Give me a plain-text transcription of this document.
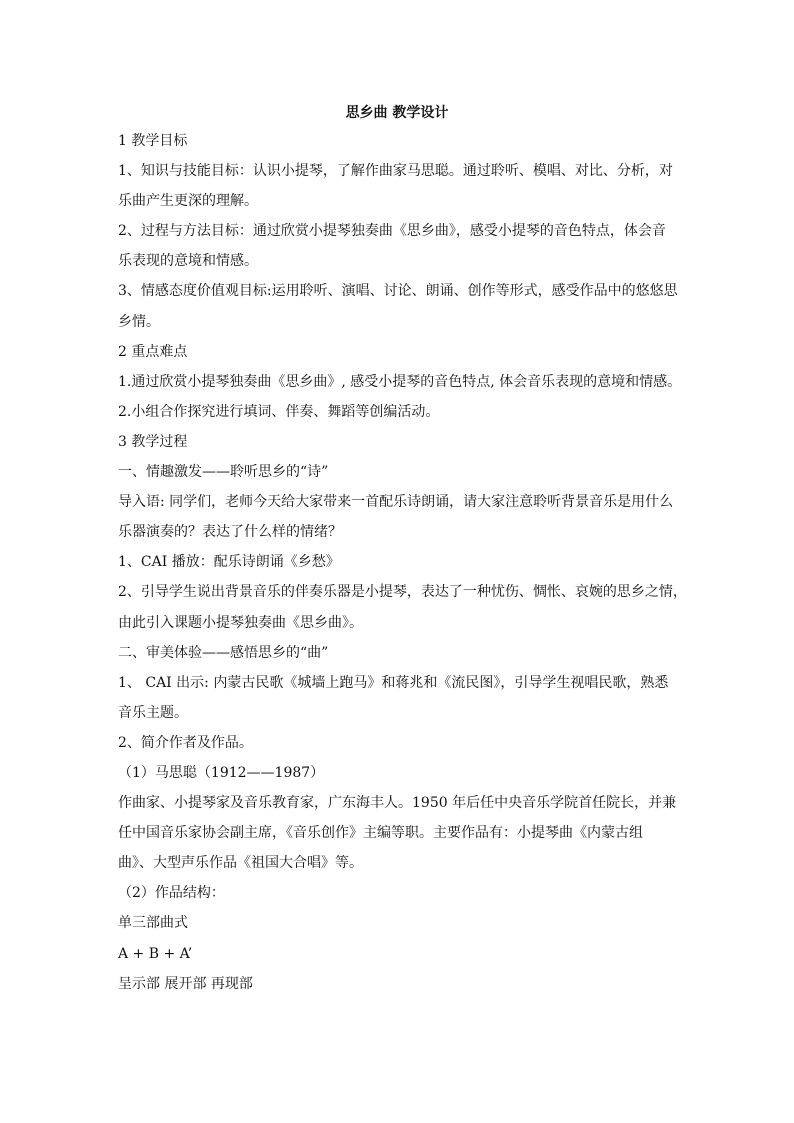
思乡曲 教学设计
1 教学目标
1、知识与技能目标：认识小提琴，了解作曲家马思聪。通过聆听、模唱、对比、分析，对
乐曲产生更深的理解。
2、过程与方法目标：通过欣赏小提琴独奏曲《思乡曲》，感受小提琴的音色特点，体会音
乐表现的意境和情感。
3、情感态度价值观目标:运用聆听、演唱、讨论、朗诵、创作等形式，感受作品中的悠悠思
乡情。
2 重点难点
1.通过欣赏小提琴独奏曲《思乡曲》, 感受小提琴的音色特点, 体会音乐表现的意境和情感。
2.小组合作探究进行填词、伴奏、舞蹈等创编活动。
3 教学过程
一、情趣激发——聆听思乡的“诗”
导入语: 同学们，老师今天给大家带来一首配乐诗朗诵，请大家注意聆听背景音乐是用什么
乐器演奏的？表达了什么样的情绪？
1、CAI 播放：配乐诗朗诵《乡愁》
2、引导学生说出背景音乐的伴奏乐器是小提琴，表达了一种忧伤、惆怅、哀婉的思乡之情，
由此引入课题小提琴独奏曲《思乡曲》。
二、审美体验——感悟思乡的“曲”
1、 CAI 出示: 内蒙古民歌《城墙上跑马》和蒋兆和《流民图》，引导学生视唱民歌，熟悉
音乐主题。
2、简介作者及作品。
（1）马思聪（1912——1987）
作曲家、小提琴家及音乐教育家，广东海丰人。1950 年后任中央音乐学院首任院长，并兼
任中国音乐家协会副主席，《音乐创作》主编等职。主要作品有：小提琴曲《内蒙古组
曲》、大型声乐作品《祖国大合唱》等。
（2）作品结构：
单三部曲式
A + B + A’
呈示部 展开部 再现部
